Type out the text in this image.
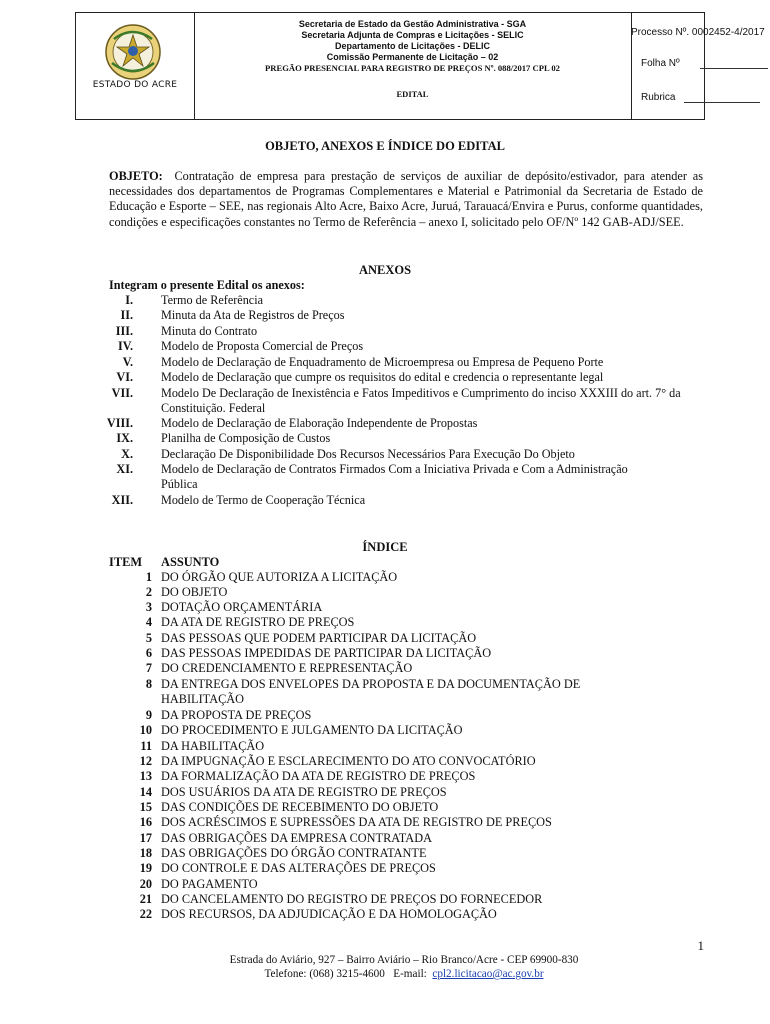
ESTADO DO ACRE
Secretaria de Estado da Gestão Administrativa - SGA
Secretaria Adjunta de Compras e Licitações - SELIC
Departamento de Licitações - DELIC
Comissão Permanente de Licitação – 02
PREGÃO PRESENCIAL PARA REGISTRO DE PREÇOS Nº. 088/2017 CPL 02
EDITAL
Processo Nº. 0002452-4/2017
Folha Nº
Rubrica
OBJETO, ANEXOS E ÍNDICE DO EDITAL
OBJETO: Contratação de empresa para prestação de serviços de auxiliar de depósito/estivador, para atender as necessidades dos departamentos de Programas Complementares e Material e Patrimonial da Secretaria de Estado de Educação e Esporte – SEE, nas regionais Alto Acre, Baixo Acre, Juruá, Tarauacá/Envira e Purus, conforme quantidades, condições e especificações constantes no Termo de Referência – anexo I, solicitado pelo OF/Nº 142 GAB-ADJ/SEE.
ANEXOS
Integram o presente Edital os anexos:
I. Termo de Referência
II. Minuta da Ata de Registros de Preços
III. Minuta do Contrato
IV. Modelo de Proposta Comercial de Preços
V. Modelo de Declaração de Enquadramento de Microempresa ou Empresa de Pequeno Porte
VI. Modelo de Declaração que cumpre os requisitos do edital e credencia o representante legal
VII. Modelo De Declaração de Inexistência e Fatos Impeditivos e Cumprimento do inciso XXXIII do art. 7° da Constituição. Federal
VIII. Modelo de Declaração de Elaboração Independente de Propostas
IX. Planilha de Composição de Custos
X. Declaração De Disponibilidade Dos Recursos Necessários Para Execução Do Objeto
XI. Modelo de Declaração de Contratos Firmados Com a Iniciativa Privada e Com a Administração Pública
XII. Modelo de Termo de Cooperação Técnica
ÍNDICE
ITEM ASSUNTO
1 DO ÓRGÃO QUE AUTORIZA A LICITAÇÃO
2 DO OBJETO
3 DOTAÇÃO ORÇAMENTÁRIA
4 DA ATA DE REGISTRO DE PREÇOS
5 DAS PESSOAS QUE PODEM PARTICIPAR DA LICITAÇÃO
6 DAS PESSOAS IMPEDIDAS DE PARTICIPAR DA LICITAÇÃO
7 DO CREDENCIAMENTO E REPRESENTAÇÃO
8 DA ENTREGA DOS ENVELOPES DA PROPOSTA E DA DOCUMENTAÇÃO DE HABILITAÇÃO
9 DA PROPOSTA DE PREÇOS
10 DO PROCEDIMENTO E JULGAMENTO DA LICITAÇÃO
11 DA HABILITAÇÃO
12 DA IMPUGNAÇÃO E ESCLARECIMENTO DO ATO CONVOCATÓRIO
13 DA FORMALIZAÇÃO DA ATA DE REGISTRO DE PREÇOS
14 DOS USUÁRIOS DA ATA DE REGISTRO DE PREÇOS
15 DAS CONDIÇÕES DE RECEBIMENTO DO OBJETO
16 DOS ACRÉSCIMOS E SUPRESSÕES DA ATA DE REGISTRO DE PREÇOS
17 DAS OBRIGAÇÕES DA EMPRESA CONTRATADA
18 DAS OBRIGAÇÕES DO ÓRGÃO CONTRATANTE
19 DO CONTROLE E DAS ALTERAÇÕES DE PREÇOS
20 DO PAGAMENTO
21 DO CANCELAMENTO DO REGISTRO DE PREÇOS DO FORNECEDOR
22 DOS RECURSOS, DA ADJUDICAÇÃO E DA HOMOLOGAÇÃO
1
Estrada do Aviário, 927 – Bairro Aviário – Rio Branco/Acre - CEP 69900-830
Telefone: (068) 3215-4600 E-mail: cpl2.licitacao@ac.gov.br
